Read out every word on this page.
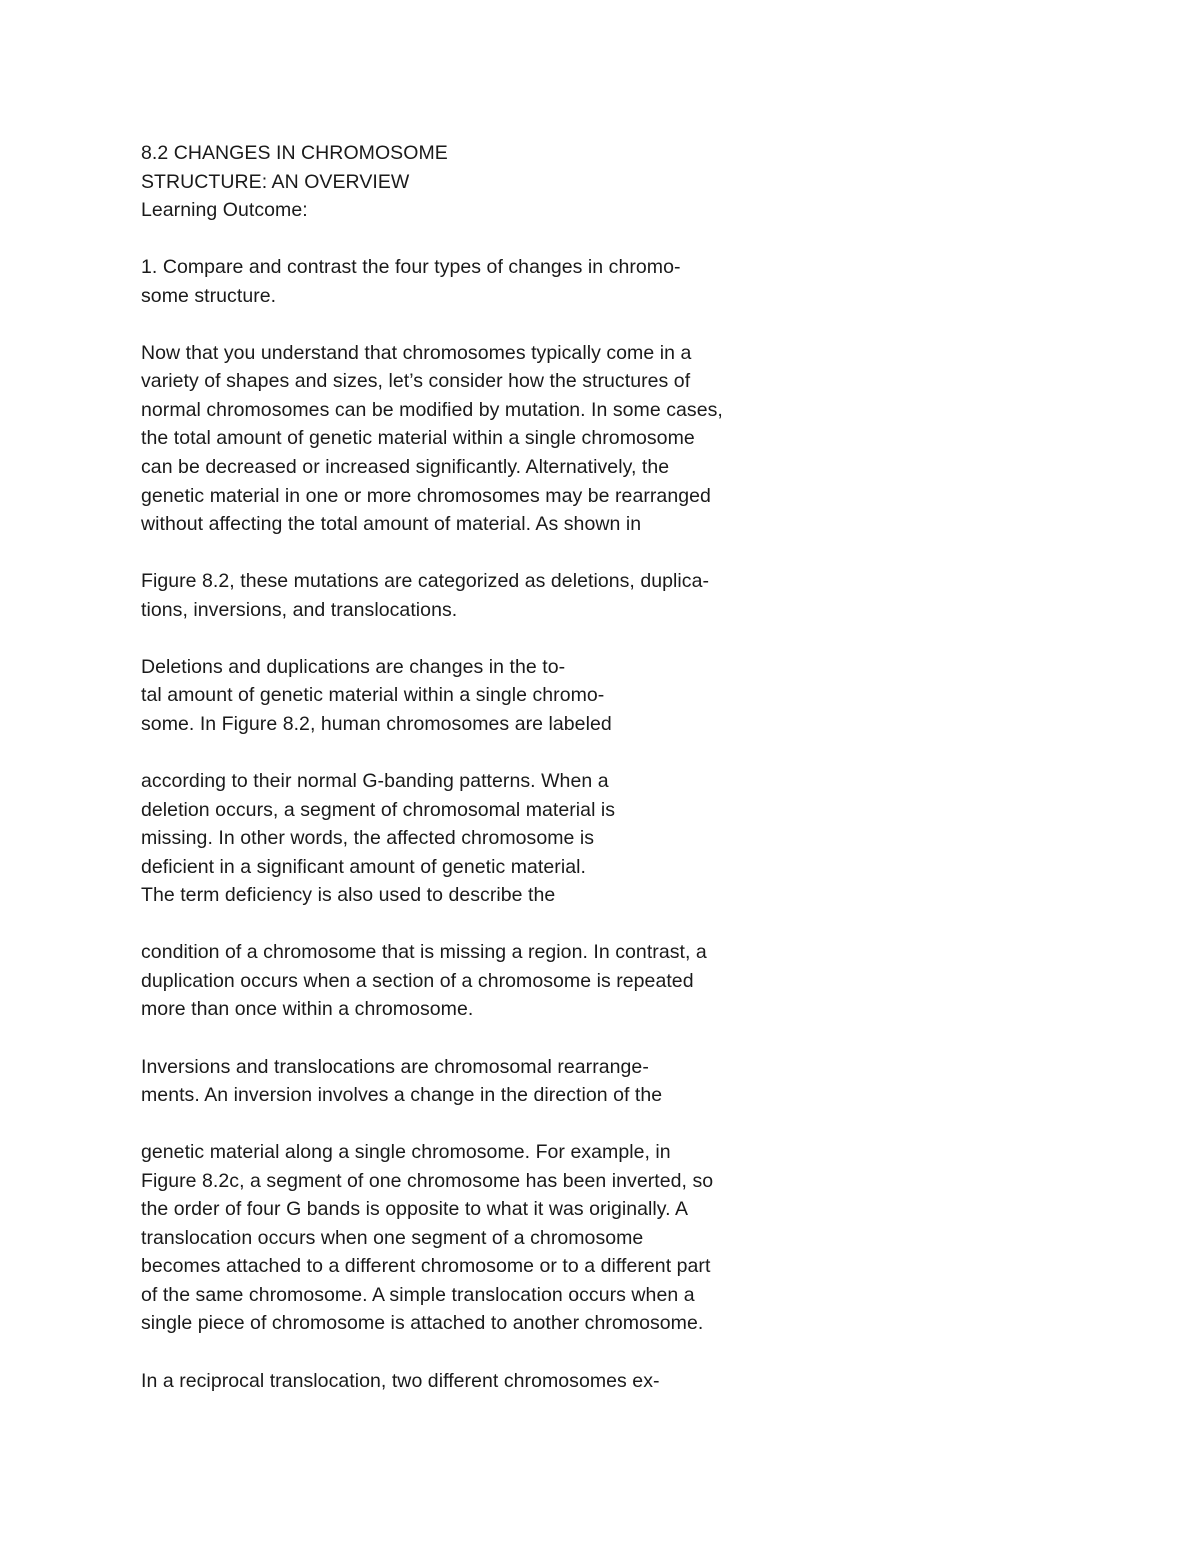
8.2 CHANGES IN CHROMOSOME
STRUCTURE: AN OVERVIEW
Learning Outcome:
1. Compare and contrast the four types of changes in chromo-
some structure.
Now that you understand that chromosomes typically come in a
variety of shapes and sizes, let’s consider how the structures of
normal chromosomes can be modified by mutation. In some cases,
the total amount of genetic material within a single chromosome
can be decreased or increased significantly. Alternatively, the
genetic material in one or more chromosomes may be rearranged
without affecting the total amount of material. As shown in
Figure 8.2, these mutations are categorized as deletions, duplica-
tions, inversions, and translocations.
Deletions and duplications are changes in the to-
tal amount of genetic material within a single chromo-
some. In Figure 8.2, human chromosomes are labeled
according to their normal G-banding patterns. When a
deletion occurs, a segment of chromosomal material is
missing. In other words, the affected chromosome is
deficient in a significant amount of genetic material.
The term deficiency is also used to describe the
condition of a chromosome that is missing a region. In contrast, a
duplication occurs when a section of a chromosome is repeated
more than once within a chromosome.
Inversions and translocations are chromosomal rearrange-
ments. An inversion involves a change in the direction of the
genetic material along a single chromosome. For example, in
Figure 8.2c, a segment of one chromosome has been inverted, so
the order of four G bands is opposite to what it was originally. A
translocation occurs when one segment of a chromosome
becomes attached to a different chromosome or to a different part
of the same chromosome. A simple translocation occurs when a
single piece of chromosome is attached to another chromosome.
In a reciprocal translocation, two different chromosomes ex-
